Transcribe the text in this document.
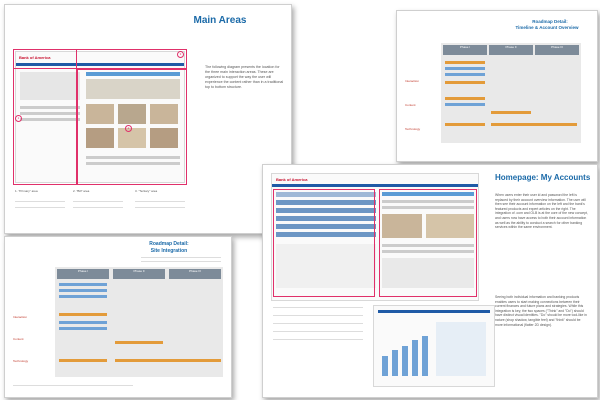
Main Areas
Bank of America
1
2
3
The following diagram presents the location for the three main interaction areas. These are organized to support the way the user will experience the content rather than in a traditional top to bottom structure.
1. "Primary" area	2. "Bill" area	3. "Tertiary" area
Roadmap Detail:
Timeline & Account Overview
Phase I	Phase II	Phase III
Interaction
Content
Technology
Roadmap Detail:
Site Integration
Phase I	Phase II	Phase III
Interaction
Content
Technology
Homepage: My Accounts
Bank of America
When users enter their user id and password the left is replaced by their account overview information. The user will then see their account information on the left and the bank's featured products and expert articles on the right. The integration of .com and OLB is at the core of the new concept, and users now have access to both their account information as well as the ability to conduct a search for other banking services within the same environment.
Seeing both individual information and banking products enables users to start making connections between their current finances and future plans and strategies. While this integration is key, the two spaces ("Think" and "Do") should have distinct visual identities. "Do" should be more tool-like in nature (shop shadow, tangible feel) and "think" should be more informational (flatter 2D design).
